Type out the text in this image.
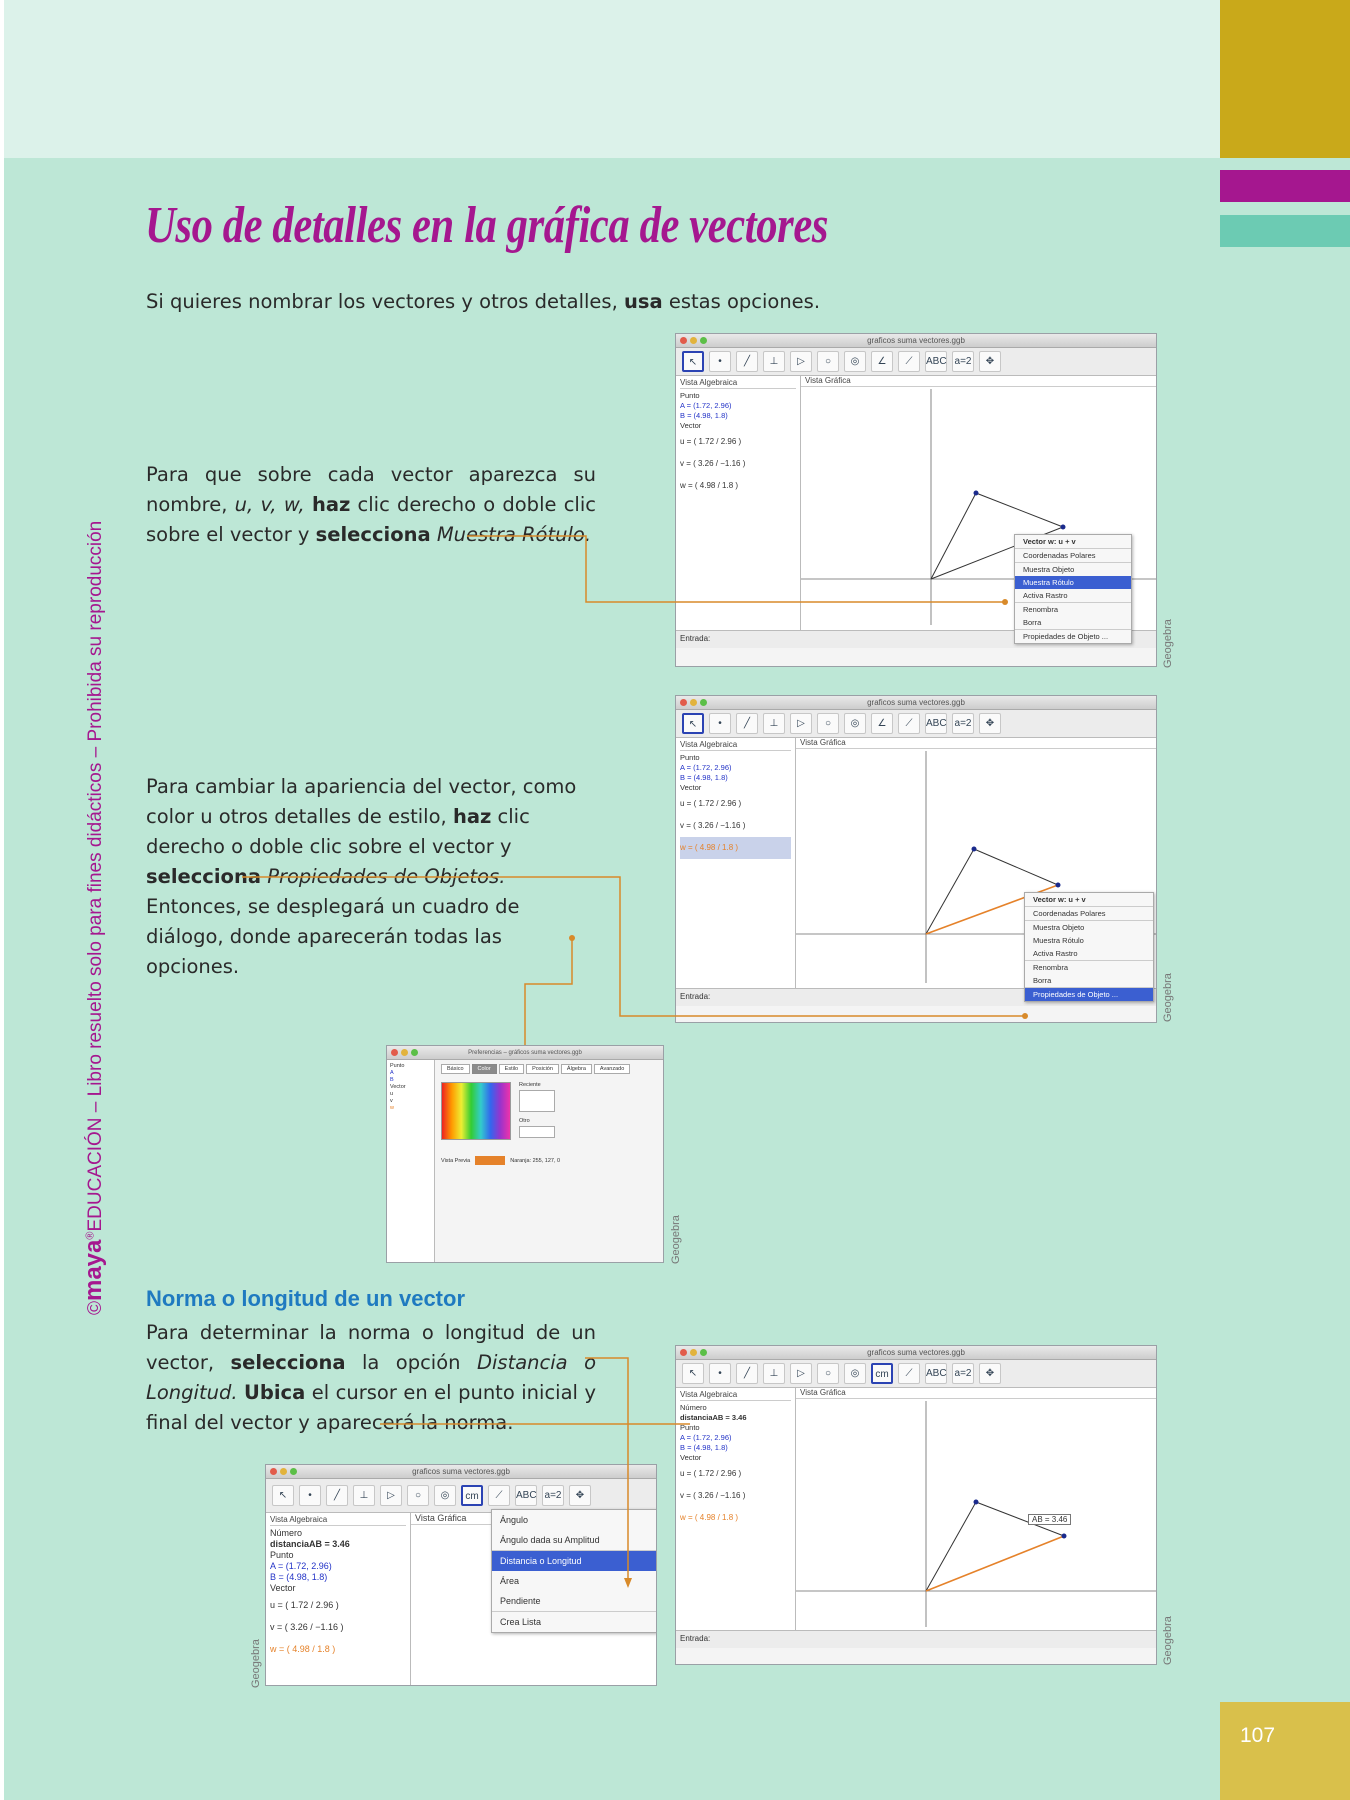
107
©maya®EDUCACIÓN – Libro resuelto solo para fines didácticos – Prohibida su reproducción
Uso de detalles en la gráfica de vectores

Si quieres nombrar los vectores y otros detalles, usa estas opciones.

Para que sobre cada vector aparezca su nombre, u, v, w, haz clic derecho o doble clic sobre el vector y selecciona Muestra Rótulo.

Para cambiar la apariencia del vector, como color u otros detalles de estilo, haz clic derecho o doble clic sobre el vector y selecciona Propiedades de Objetos.
Entonces, se desplegará un cuadro de diálogo, donde aparecerán todas las opciones.

Norma o longitud de un vector

Para determinar la norma o longitud de un vector, selecciona la opción Distancia o Longitud. Ubica el cursor en el punto inicial y final del vector y aparecerá la norma.

graficos suma vectores.ggb
↖	•	╱	⊥	▷	○	◎	∠	⟋	ABC a=2	✥
Vista Algebraica
Punto
A = (1.72, 2.96)
B = (4.98, 1.8)
Vector
u = ( 1.72 / 2.96 )
v = ( 3.26 / −1.16 )
w = ( 4.98 / 1.8 )
Vista Gráfica
Vector w: u + v
Coordenadas Polares
Muestra Objeto
Muestra Rótulo
Activa Rastro
Renombra
Borra
Propiedades de Objeto ...
Entrada:
graficos suma vectores.ggb
↖	•	╱	⊥	▷	○	◎	∠	⟋	ABC a=2	✥
Vista Algebraica
Punto
A = (1.72, 2.96)
B = (4.98, 1.8)
Vector
u = ( 1.72 / 2.96 )
v = ( 3.26 / −1.16 )
w = ( 4.98 / 1.8 )
Vista Gráfica
Vector w: u + v
Coordenadas Polares
Muestra Objeto
Muestra Rótulo
Activa Rastro
Renombra
Borra
Propiedades de Objeto ...
Entrada:
Preferencias – gráficos suma vectores.ggb
Punto
A
B
Vector
u
v
w
Básico	Color	Estilo	Posición	Álgebra	Avanzado
Reciente
Otro
Vista Previa	Naranja: 255, 127, 0
graficos suma vectores.ggb
↖	•	╱	⊥	▷	○	◎	cm	⟋	ABC a=2	✥
Vista Algebraica
Número
distanciaAB = 3.46
Punto
A = (1.72, 2.96)
B = (4.98, 1.8)
Vector
u = ( 1.72 / 2.96 )
v = ( 3.26 / −1.16 )
w = ( 4.98 / 1.8 )
Vista Gráfica
AB = 3.46
Entrada:
graficos suma vectores.ggb
↖	•	╱	⊥	▷	○	◎	cm	⟋	ABC a=2	✥
Vista Algebraica
Número
distanciaAB = 3.46
Punto
A = (1.72, 2.96)
B = (4.98, 1.8)
Vector
u = ( 1.72 / 2.96 )
v = ( 3.26 / −1.16 )
w = ( 4.98 / 1.8 )
Vista Gráfica	Ángulo
Ángulo dada su Amplitud
Distancia o Longitud
Área
Pendiente
Crea Lista
Geogebra
Geogebra
Geogebra
Geogebra
Geogebra
